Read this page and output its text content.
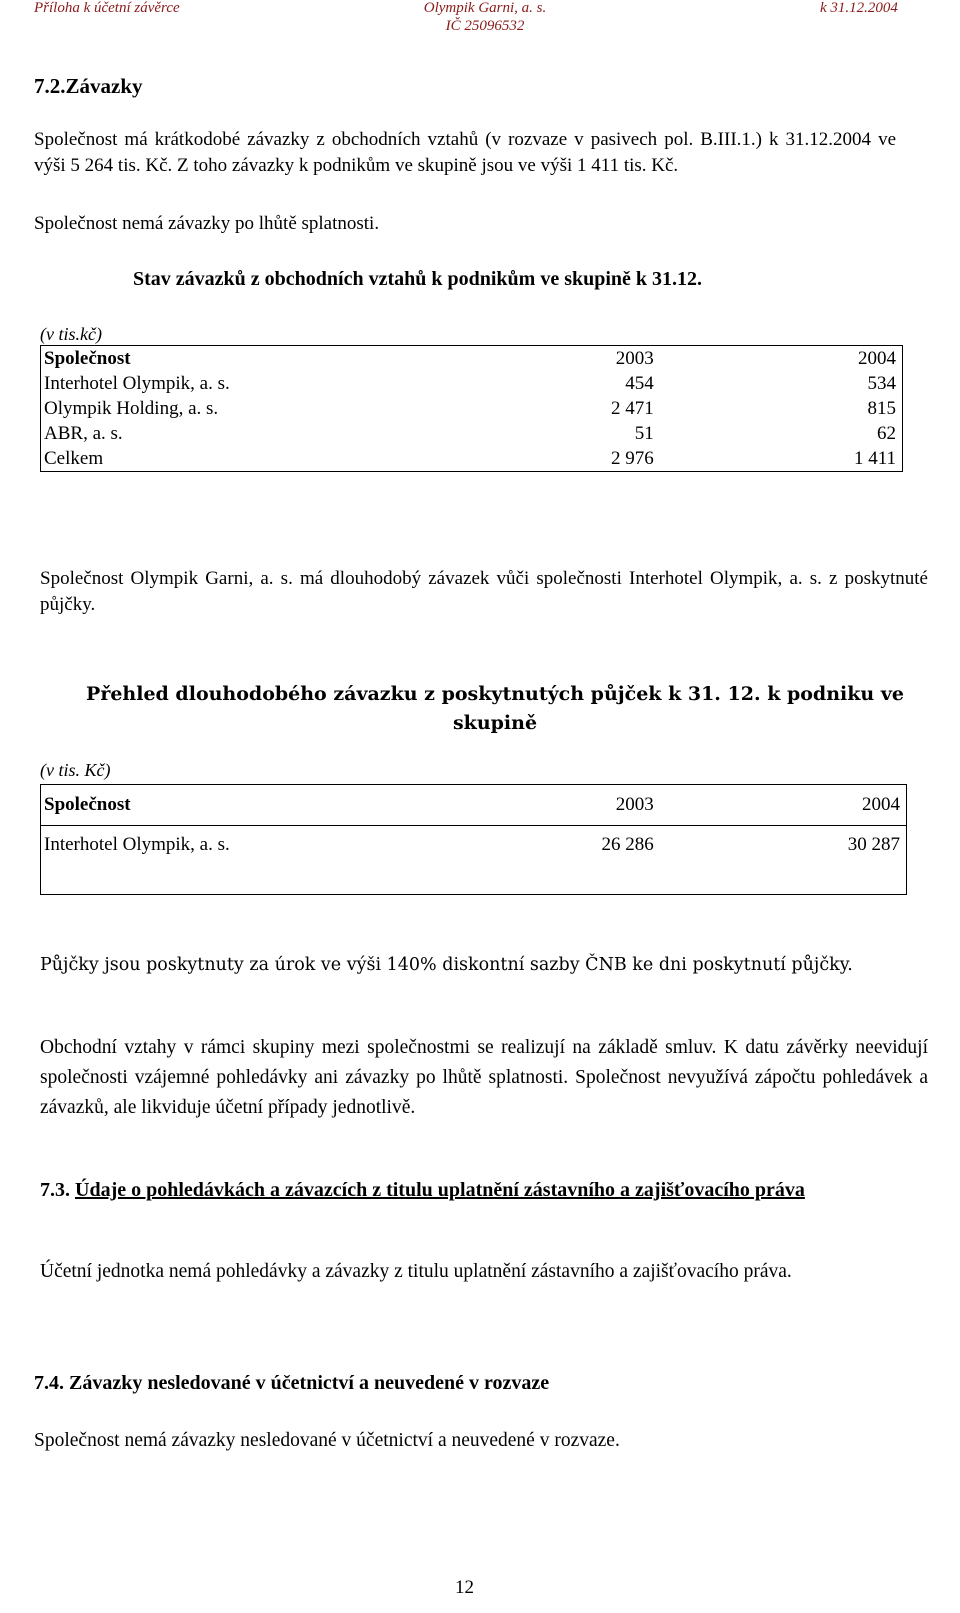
Příloha k účetní závěrce	Olympik Garni, a. s.
IČ 25096532
k 31.12.2004
7.2.Závazky
Společnost má krátkodobé závazky z obchodních vztahů (v rozvaze v pasivech pol. B.III.1.) k 31.12.2004 ve výši 5 264 tis. Kč. Z toho závazky k podnikům ve skupině jsou ve výši 1 411 tis. Kč.
Společnost nemá závazky po lhůtě splatnosti.
Stav závazků z obchodních vztahů k podnikům ve skupině k 31.12.
(v tis.kč)
Společnost	2003	2004
Interhotel Olympik, a. s.	454	534
Olympik Holding, a. s.	2 471	815
ABR, a. s.	51	62
Celkem	2 976	1 411
Společnost Olympik Garni, a. s. má dlouhodobý závazek vůči společnosti Interhotel Olympik, a. s. z poskytnuté půjčky.
Přehled dlouhodobého závazku z poskytnutých půjček k 31. 12. k podniku ve skupině
(v tis. Kč)
Společnost	2003	2004
Interhotel Olympik, a. s.	26 286	30 287
Půjčky jsou poskytnuty za úrok ve výši 140% diskontní sazby ČNB ke dni poskytnutí půjčky.
Obchodní vztahy v rámci skupiny mezi společnostmi se realizují na základě smluv. K datu závěrky neevidují společnosti vzájemné pohledávky ani závazky po lhůtě splatnosti. Společnost nevyužívá zápočtu pohledávek a závazků, ale likviduje účetní případy jednotlivě.
7.3. Údaje o pohledávkách a závazcích z titulu uplatnění zástavního a zajišťovacího práva
Účetní jednotka nemá pohledávky a závazky z titulu uplatnění zástavního a zajišťovacího práva.
7.4. Závazky nesledované v účetnictví a neuvedené v rozvaze
Společnost nemá závazky nesledované v účetnictví a neuvedené v rozvaze.
12
